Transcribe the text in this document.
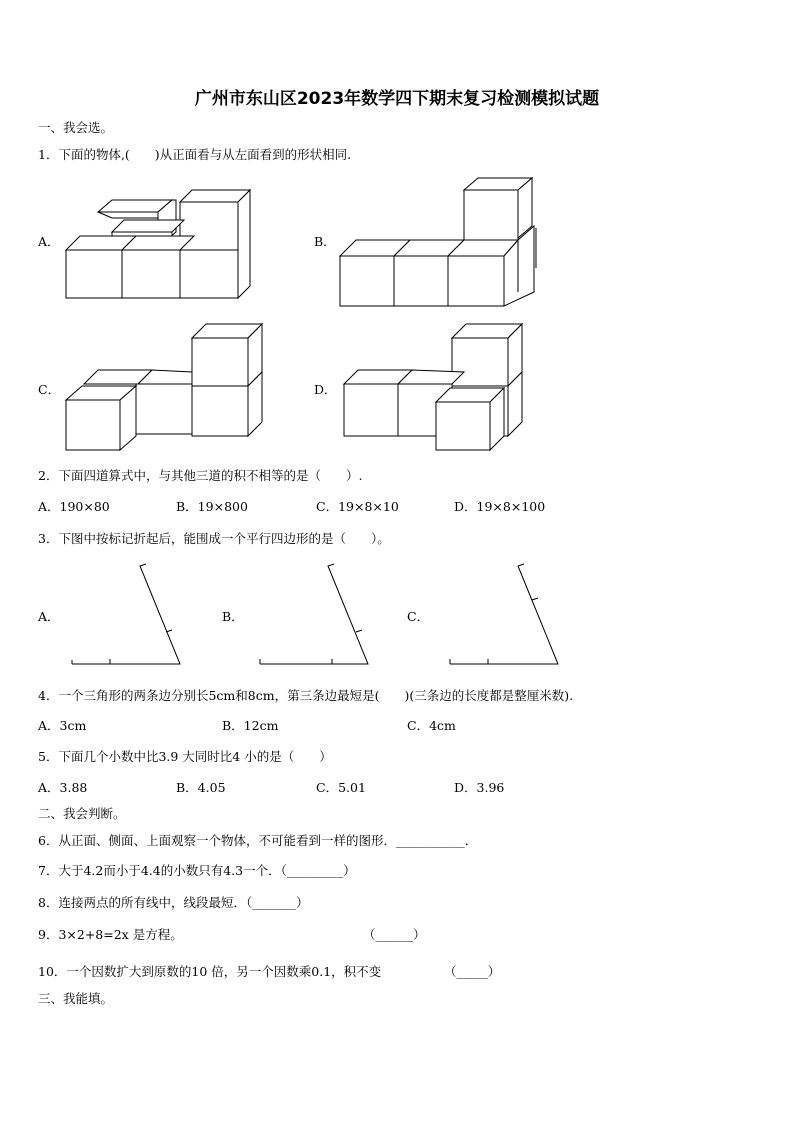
广州市东山区2023年数学四下期末复习检测模拟试题
一、我会选。
1．下面的物体,(　　)从正面看与从左面看到的形状相同.
A．	B．
C．	D．
2．下面四道算式中，与其他三道的积不相等的是（　　）.
A．190×80	B．19×800	C．19×8×10	D．19×8×100
3．下图中按标记折起后，能围成一个平行四边形的是（　　）。
A．	B．	C．
4．一个三角形的两条边分别长5cm和8cm，第三条边最短是(　　)(三条边的长度都是整厘米数).
A．3cm	B．12cm	C．4cm
5．下面几个小数中比3.9 大同时比4 小的是（　　）
A．3.88	B．4.05	C．5.01	D．3.96
二、我会判断。
6．从正面、侧面、上面观察一个物体，不可能看到一样的图形．___________．
7．大于4.2而小于4.4的小数只有4.3一个．（_________）
8．连接两点的所有线中，线段最短．（_______）
9．3×2+8=2x 是方程。	（______）
10．一个因数扩大到原数的10 倍，另一个因数乘0.1，积不变	（_____）
三、我能填。
